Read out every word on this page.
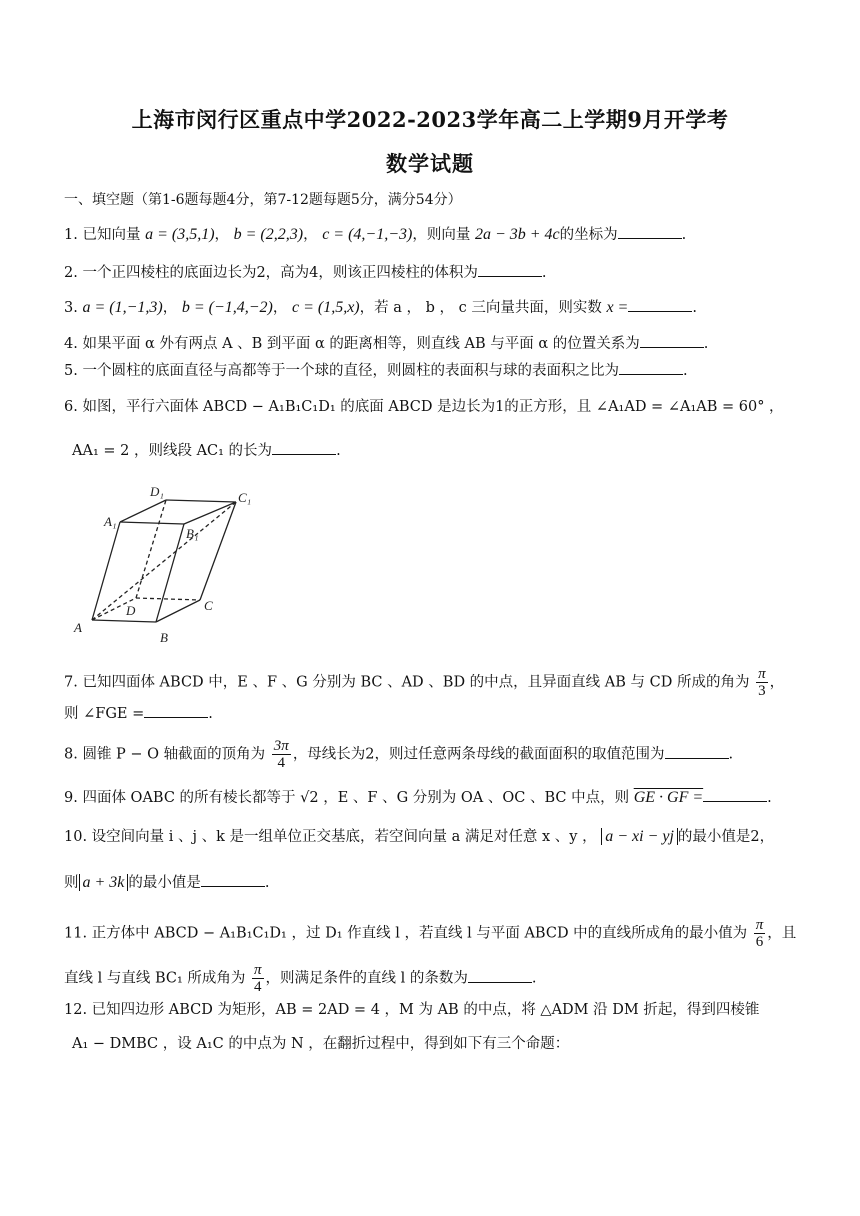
上海市闵行区重点中学2022-2023学年高二上学期9月开学考
数学试题
一、填空题（第1-6题每题4分，第7-12题每题5分，满分54分）
1. 已知向量 a = (3,5,1)， b = (2,2,3)， c = (4,−1,−3)，则向量 2a − 3b + 4c的坐标为	.
2. 一个正四棱柱的底面边长为2，高为4，则该正四棱柱的体积为	.
3. a = (1,−1,3)， b = (−1,4,−2)， c = (1,5,x)，若 a ， b ， c 三向量共面，则实数 x =	.
4. 如果平面 α 外有两点 A 、B 到平面 α 的距离相等，则直线 AB 与平面 α 的位置关系为	.
5. 一个圆柱的底面直径与高都等于一个球的直径，则圆柱的表面积与球的表面积之比为	.
6. 如图，平行六面体 ABCD − A₁B₁C₁D₁ 的底面 ABCD 是边长为1的正方形，且 ∠A₁AD = ∠A₁AB = 60° ，
AA₁ = 2 ，则线段 AC₁ 的长为	.
A
B
C
D
A₁
B₁
C₁
D₁
7. 已知四面体 ABCD 中，E 、F 、G 分别为 BC 、AD 、BD 的中点，且异面直线 AB 与 CD 所成的角为 $\frac{\pi}{3}$ ，
则 ∠FGE =	.
8. 圆锥 P − O 轴截面的顶角为 $\frac{3\pi}{4}$ ，母线长为2，则过任意两条母线的截面面积的取值范围为	.
9. 四面体 OABC 的所有棱长都等于 √2 ，E 、F 、G 分别为 OA 、OC 、BC 中点，则 GE · GF =	.
10. 设空间向量 i 、j 、k 是一组单位正交基底，若空间向量 a 满足对任意 x 、y ， a − xi − yj 的最小值是2，
则 a + 3k 的最小值是	.
11. 正方体中 ABCD − A₁B₁C₁D₁ ，过 D₁ 作直线 l ，若直线 l 与平面 ABCD 中的直线所成角的最小值为 $\frac{\pi}{6}$ ，且
直线 l 与直线 BC₁ 所成角为 $\frac{\pi}{4}$ ，则满足条件的直线 l 的条数为	.
12. 已知四边形 ABCD 为矩形，AB = 2AD = 4 ，M 为 AB 的中点，将 △ADM 沿 DM 折起，得到四棱锥
A₁ − DMBC ，设 A₁C 的中点为 N ，在翻折过程中，得到如下有三个命题：
